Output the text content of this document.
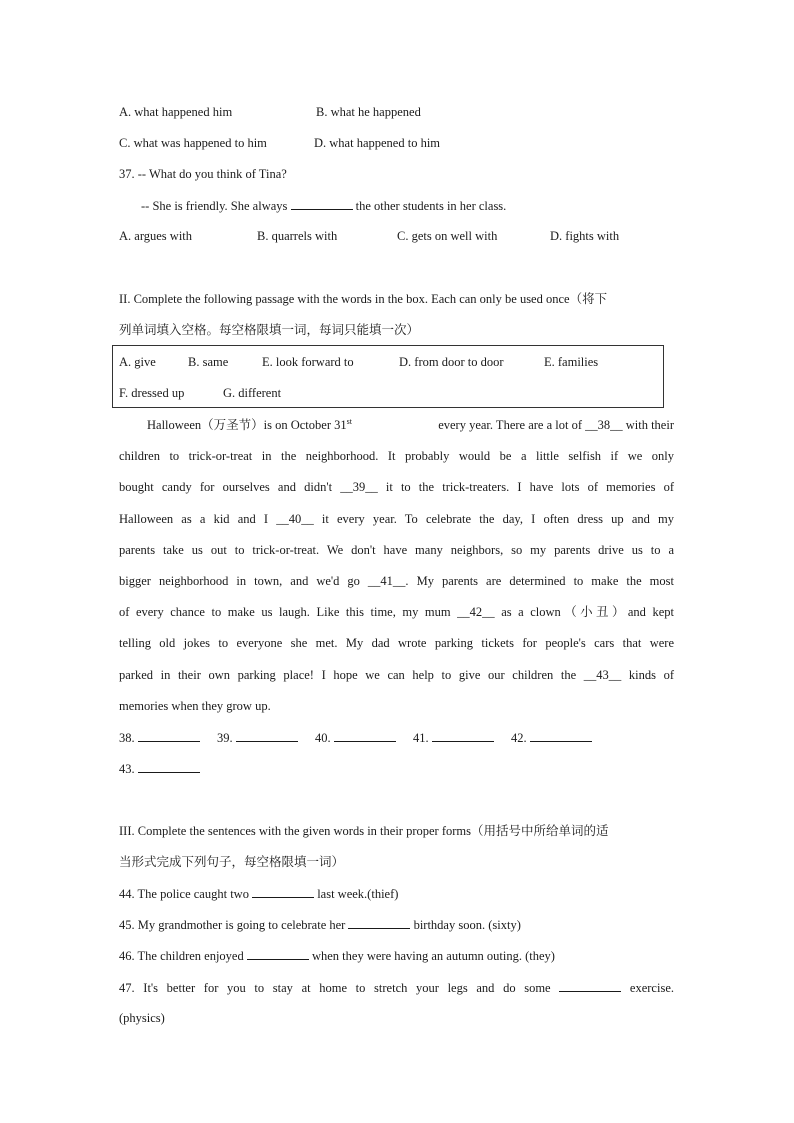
A. what happened him	B. what he happened
C. what was happened to him	D. what happened to him
37. -- What do you think of Tina?
-- She is friendly. She always	the other students in her class.
A. argues with	B. quarrels with	C. gets on well with	D. fights with
II. Complete the following passage with the words in the box. Each can only be used once（将下
列单词填入空格。每空格限填一词，每词只能填一次）
A. give	B. same	E. look forward to	D. from door to door	E. families
F. dressed up	G. different
Halloween（万圣节）is on October 31st	every year. There are a lot of __38__ with their
children to trick-or-treat in the neighborhood. It probably would be a little selfish if we only
bought candy for ourselves and didn't __39__ it to the trick-treaters. I have lots of memories of
Halloween as a kid and I __40__ it every year. To celebrate the day, I often dress up and my
parents take us out to trick-or-treat. We don't have many neighbors, so my parents drive us to a
bigger neighborhood in town, and we'd go __41__. My parents are determined to make the most
of every chance to make us laugh. Like this time, my mum __42__ as a clown（小丑）and kept
telling old jokes to everyone she met. My dad wrote parking tickets for people's cars that were
parked in their own parking place! I hope we can help to give our children the __43__ kinds of
memories when they grow up.
38.	39.	40.	41.	42.
43.
III. Complete the sentences with the given words in their proper forms（用括号中所给单词的适
当形式完成下列句子，每空格限填一词）
44. The police caught two	last week.(thief)
45. My grandmother is going to celebrate her	birthday soon. (sixty)
46. The children enjoyed	when they were having an autumn outing. (they)
47. It's better for you to stay at home to stretch your legs and do some	exercise.
(physics)
